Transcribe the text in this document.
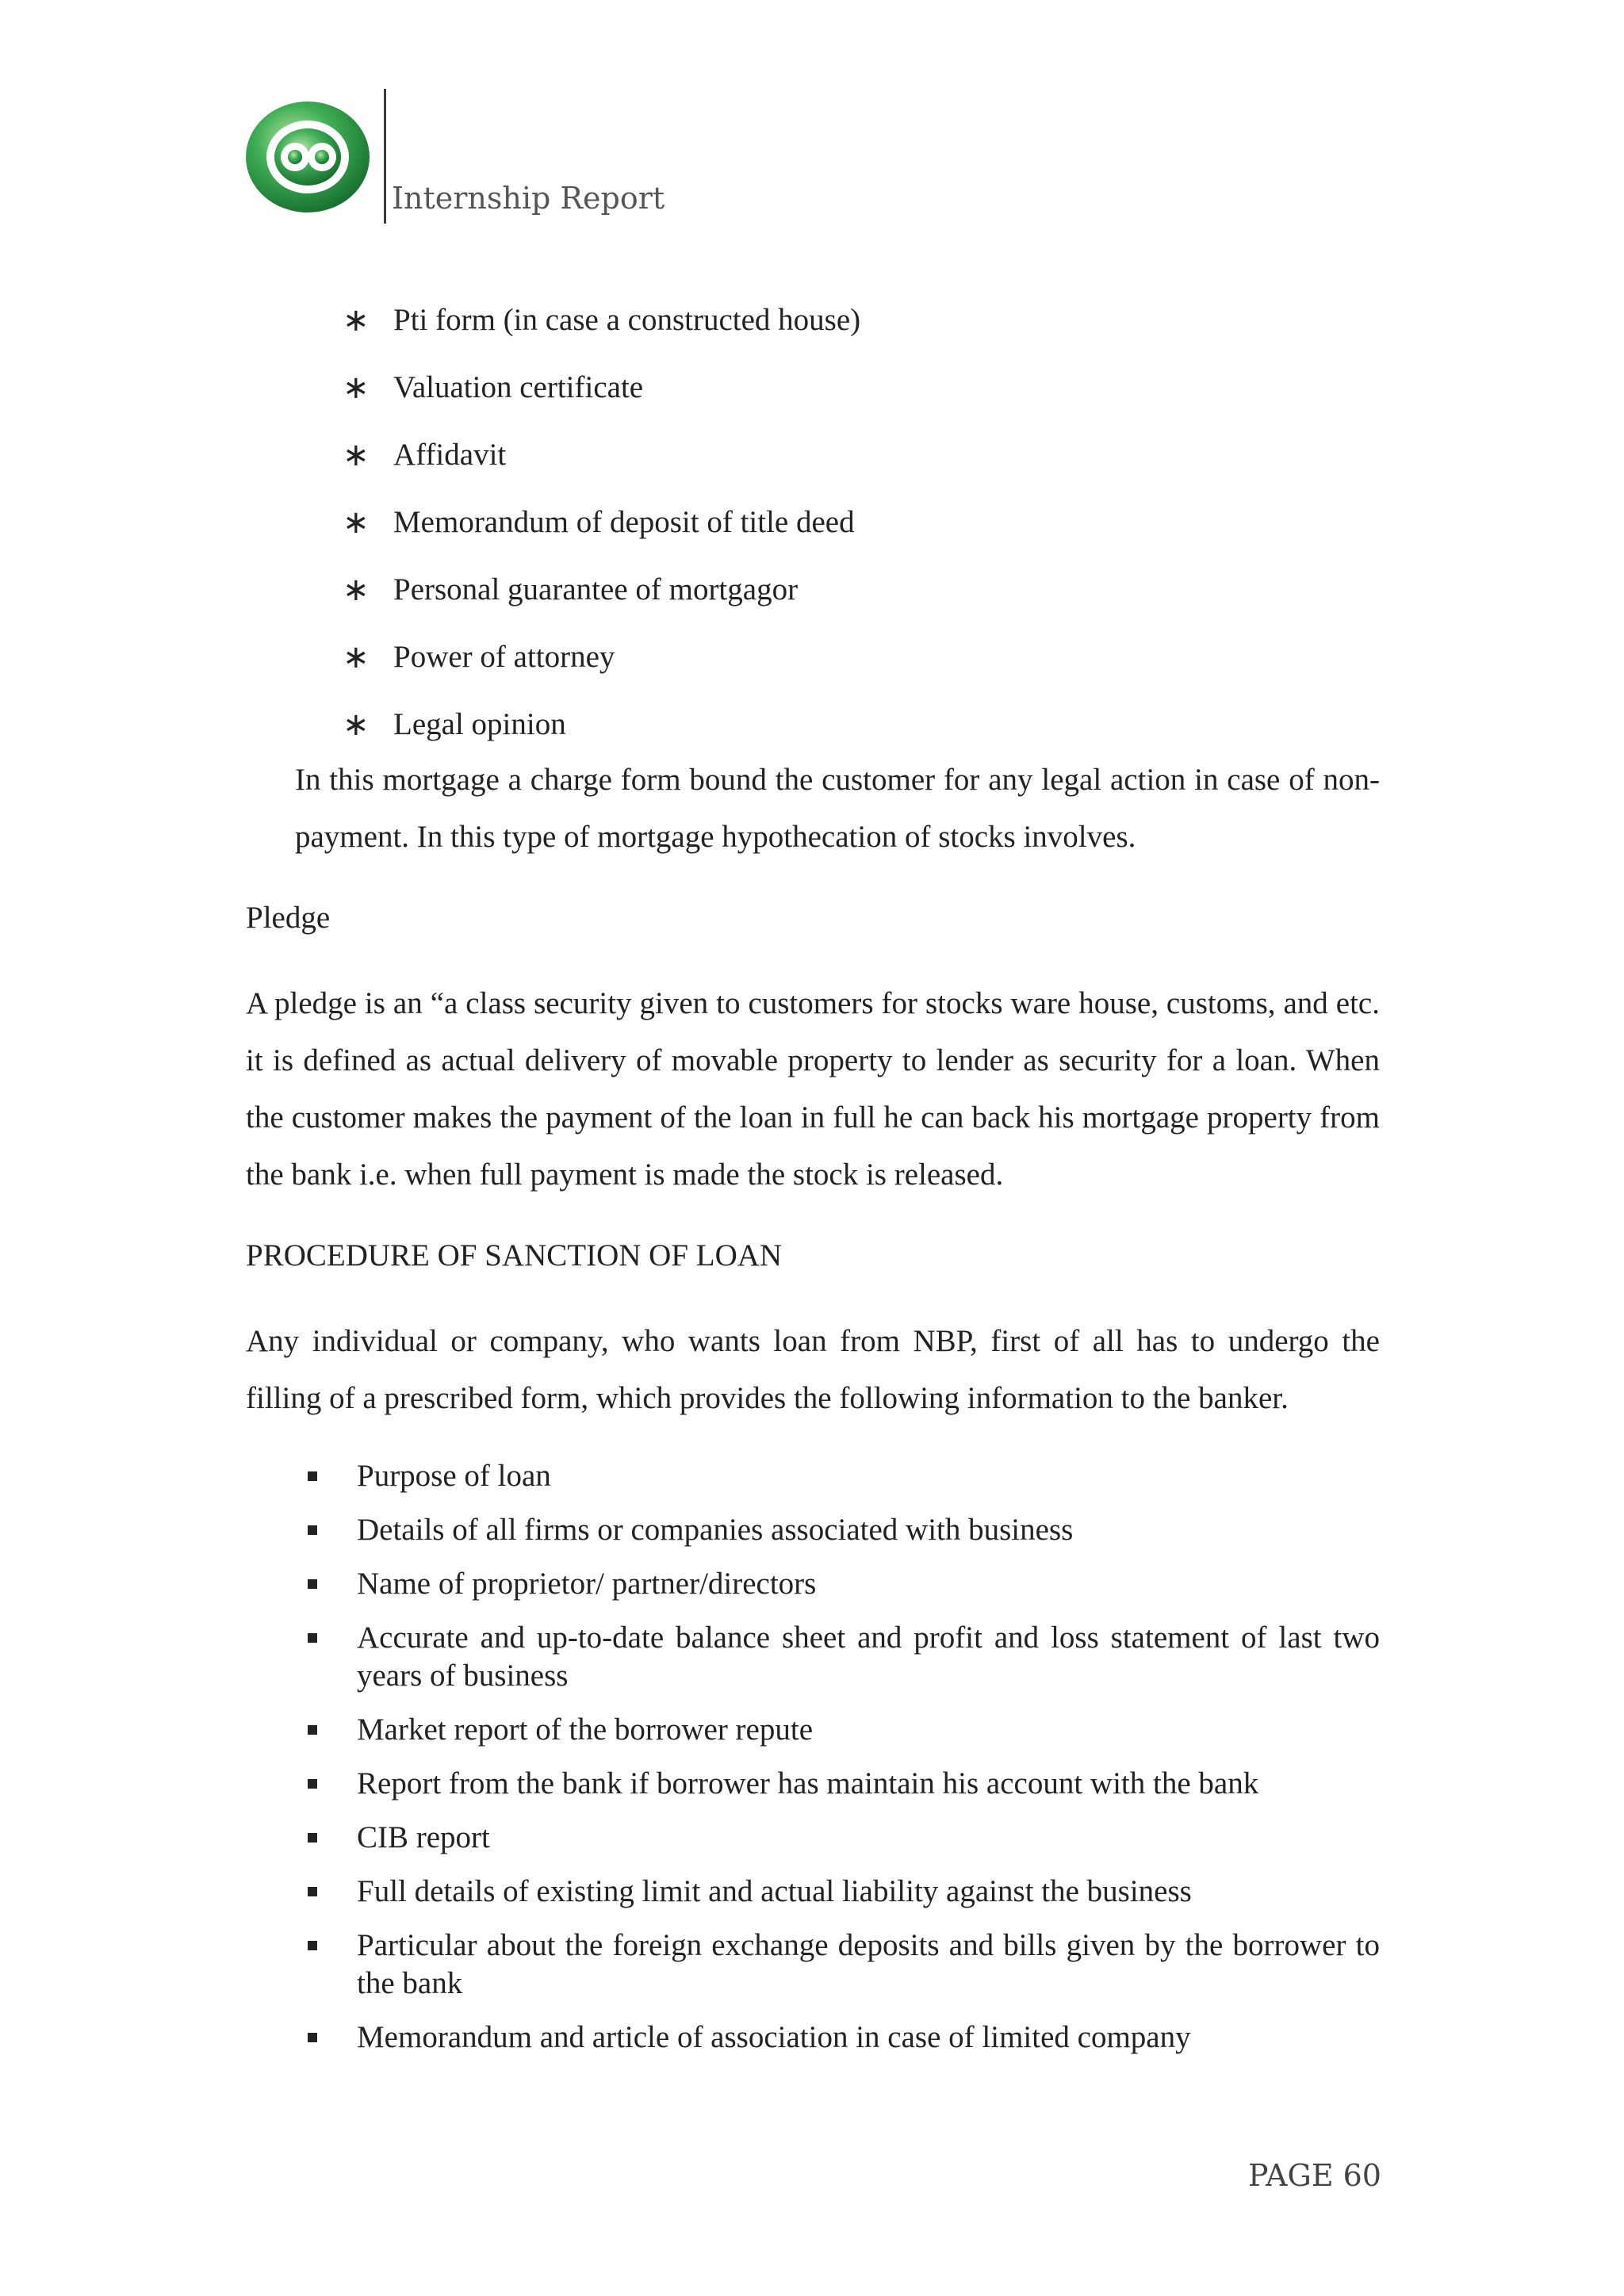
Internship Report
∗ Pti form (in case a constructed house)
∗ Valuation certificate
∗ Affidavit
∗ Memorandum of deposit of title deed
∗ Personal guarantee of mortgagor
∗ Power of attorney
∗ Legal opinion

In this mortgage a charge form bound the customer for any legal action in case of non-payment. In this type of mortgage hypothecation of stocks involves.

Pledge

A pledge is an “a class security given to customers for stocks ware house, customs, and etc. it is defined as actual delivery of movable property to lender as security for a loan. When the customer makes the payment of the loan in full he can back his mortgage property from the bank i.e. when full payment is made the stock is released.

PROCEDURE OF SANCTION OF LOAN

Any individual or company, who wants loan from NBP, first of all has to undergo the filling of a prescribed form, which provides the following information to the banker.

Purpose of loan
Details of all firms or companies associated with business
Name of proprietor/ partner/directors
Accurate and up-to-date balance sheet and profit and loss statement of last two years of business
Market report of the borrower repute
Report from the bank if borrower has maintain his account with the bank
CIB report
Full details of existing limit and actual liability against the business
Particular about the foreign exchange deposits and bills given by the borrower to the bank
Memorandum and article of association in case of limited company
PAGE 60
